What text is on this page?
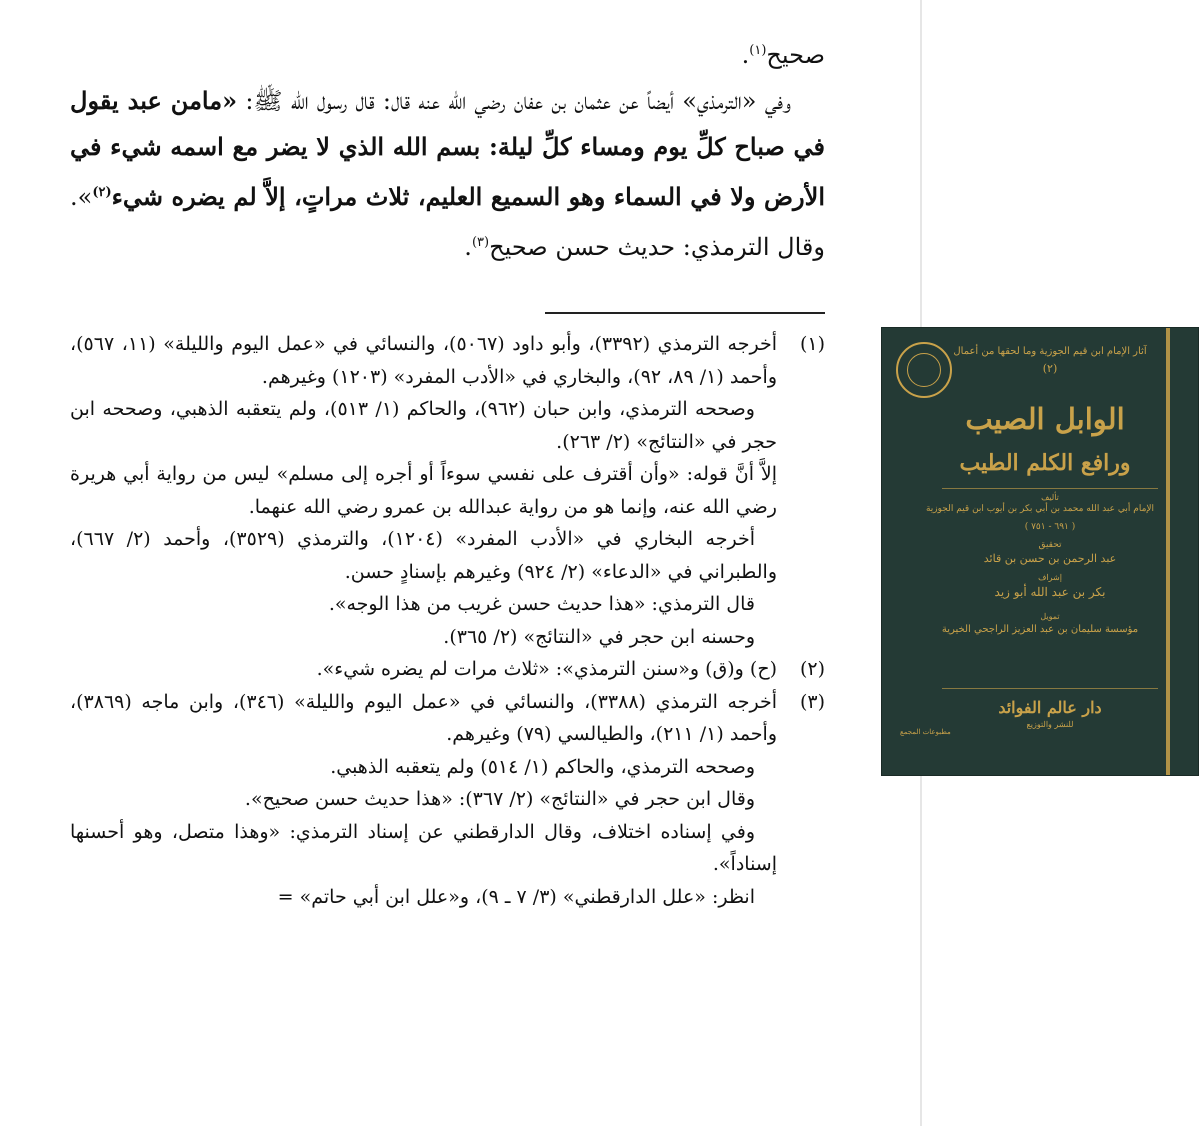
صحيح$^{(١)}$.

وفي «الترمذي» أيضاً عن عثمان بن عفان رضي الله عنه قال: قال رسول الله ﷺ: «مامن عبد يقول في صباح كلِّ يوم ومساء كلِّ ليلة: بسم الله الذي لا يضر مع اسمه شيء في الأرض ولا في السماء وهو السميع العليم، ثلاث مراتٍ، إلاَّ لم يضره شيء$^{(٢)}$». وقال الترمذي: حديث حسن صحيح$^{(٣)}$.

(١)

أخرجه الترمذي (٣٣٩٢)، وأبو داود (٥٠٦٧)، والنسائي في «عمل اليوم والليلة» (١١، ٥٦٧)، وأحمد (١/ ٨٩، ٩٢)، والبخاري في «الأدب المفرد» (١٢٠٣) وغيرهم.

وصححه الترمذي، وابن حبان (٩٦٢)، والحاكم (١/ ٥١٣)، ولم يتعقبه الذهبي، وصححه ابن حجر في «النتائج» (٢/ ٢٦٣).

إلاَّ أنَّ قوله: «وأن أقترف على نفسي سوءاً أو أجره إلى مسلم» ليس من رواية أبي هريرة رضي الله عنه، وإنما هو من رواية عبدالله بن عمرو رضي الله عنهما.

أخرجه البخاري في «الأدب المفرد» (١٢٠٤)، والترمذي (٣٥٢٩)، وأحمد (٢/ ٦٦٧)، والطبراني في «الدعاء» (٢/ ٩٢٤) وغيرهم بإسنادٍ حسن.

قال الترمذي: «هذا حديث حسن غريب من هذا الوجه».

وحسنه ابن حجر في «النتائج» (٢/ ٣٦٥).

(٢)

(ح) و(ق) و«سنن الترمذي»: «ثلاث مرات لم يضره شيء».

(٣)

أخرجه الترمذي (٣٣٨٨)، والنسائي في «عمل اليوم والليلة» (٣٤٦)، وابن ماجه (٣٨٦٩)، وأحمد (١/ ٢١١)، والطيالسي (٧٩) وغيرهم.

وصححه الترمذي، والحاكم (١/ ٥١٤) ولم يتعقبه الذهبي.

وقال ابن حجر في «النتائج» (٢/ ٣٦٧): «هذا حديث حسن صحيح».

وفي إسناده اختلاف، وقال الدارقطني عن إسناد الترمذي: «وهذا متصل، وهو أحسنها إسناداً».

انظر: «علل الدارقطني» (٣/ ٧ ـ ٩)، و«علل ابن أبي حاتم» =

آثار الإمام ابن قيم الجوزية وما لحقها من أعمال
(٢)
الوابل الصيب
ورافع الكلم الطيب
تأليف
الإمام أبي عبد الله محمد بن أبي بكر بن أيوب ابن قيم الجوزية
( ٦٩١ - ٧٥١ )
تحقيق
عبد الرحمن بن حسن بن قائد
إشراف
بكر بن عبد الله أبو زيد
تمويل
مؤسسة سليمان بن عبد العزيز الراجحي الخيرية
دار عالم الفوائد
للنشر والتوزيع
مطبوعات المجمع
